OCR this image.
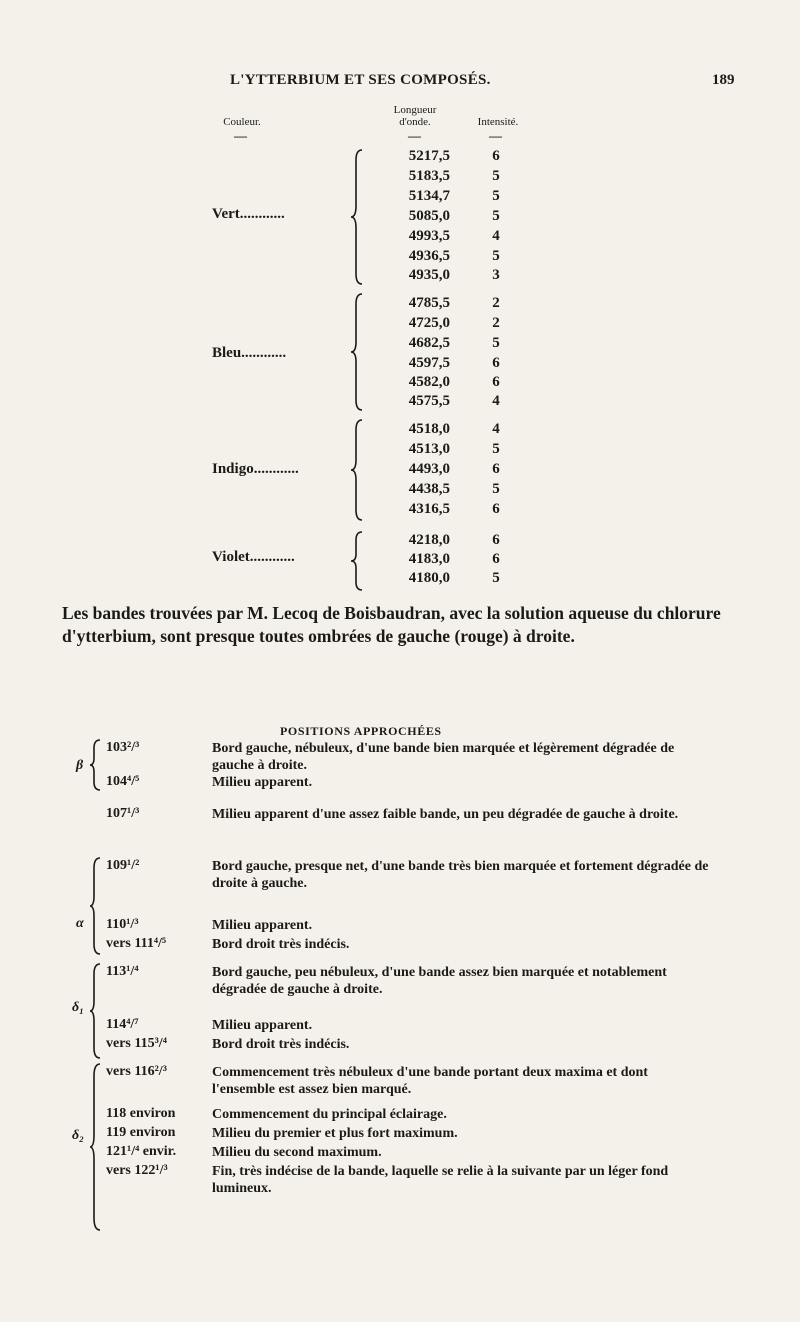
L'YTTERBIUM ET SES COMPOSÉS.	189
Couleur.
Longueur
d'onde.	Intensité.
—	—	—
Vert............
5217,5	6
5183,5	5
5134,7	5
5085,0	5
4993,5	4
4936,5	5
4935,0	3
Bleu............
4785,5	2
4725,0	2
4682,5	5
4597,5	6
4582,0	6
4575,5	4
Indigo............
4518,0	4
4513,0	5
4493,0	6
4438,5	5
4316,5	6
Violet............
4218,0	6
4183,0	6
4180,0	5
Les bandes trouvées par M. Lecoq de Boisbaudran, avec la solution aqueuse du chlorure d'ytterbium, sont presque toutes ombrées de gauche (rouge) à droite.
POSITIONS APPROCHÉES
β
103²/³	Bord gauche, nébuleux, d'une bande bien marquée et légèrement dégradée de gauche à droite.
104⁴/⁵	Milieu apparent.
107¹/³	Milieu apparent d'une assez faible bande, un peu dégradée de gauche à droite.
α
109¹/²	Bord gauche, presque net, d'une bande très bien marquée et fortement dégradée de droite à gauche.
110¹/³	Milieu apparent.
vers 111⁴/⁵	Bord droit très indécis.
δ₁
113¹/⁴	Bord gauche, peu nébuleux, d'une bande assez bien marquée et notablement dégradée de gauche à droite.
114⁴/⁷	Milieu apparent.
vers 115³/⁴	Bord droit très indécis.
δ₂
vers 116²/³	Commencement très nébuleux d'une bande portant deux maxima et dont l'ensemble est assez bien marqué.
118 environ	Commencement du principal éclairage.
119 environ	Milieu du premier et plus fort maximum.
121¹/⁴ envir.	Milieu du second maximum.
vers 122¹/³	Fin, très indécise de la bande, laquelle se relie à la suivante par un léger fond lumineux.
